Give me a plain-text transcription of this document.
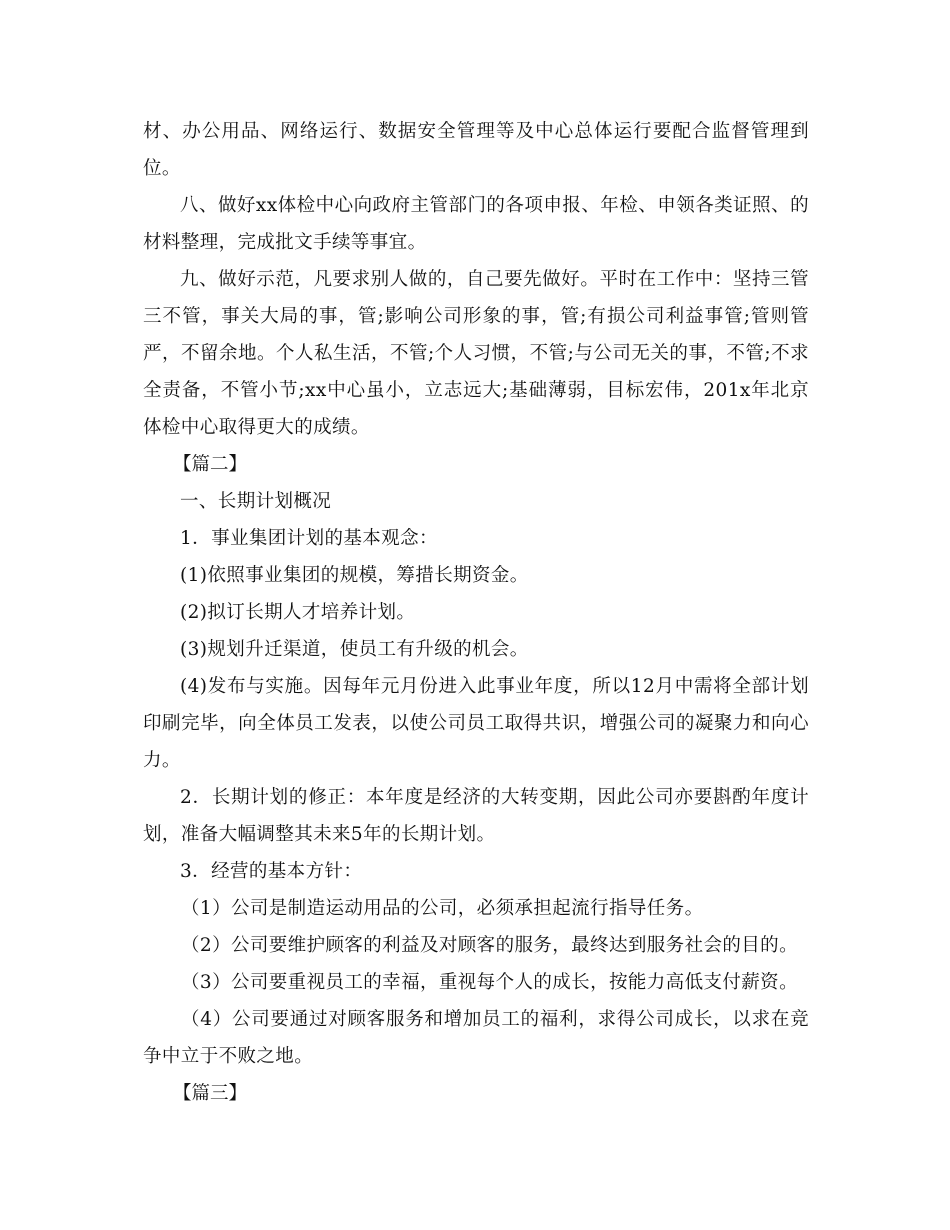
材、办公用品、网络运行、数据安全管理等及中心总体运行要配合监督管理到位。

八、做好xx体检中心向政府主管部门的各项申报、年检、申领各类证照、的材料整理，完成批文手续等事宜。

九、做好示范，凡要求别人做的，自己要先做好。平时在工作中：坚持三管三不管，事关大局的事，管;影响公司形象的事，管;有损公司利益事管;管则管严，不留余地。个人私生活，不管;个人习惯，不管;与公司无关的事，不管;不求全责备，不管小节;xx中心虽小，立志远大;基础薄弱，目标宏伟，201x年北京体检中心取得更大的成绩。

【篇二】

一、长期计划概况

1．事业集团计划的基本观念：

(1)依照事业集团的规模，筹措长期资金。

(2)拟订长期人才培养计划。

(3)规划升迁渠道，使员工有升级的机会。

(4)发布与实施。因每年元月份进入此事业年度，所以12月中需将全部计划印刷完毕，向全体员工发表，以使公司员工取得共识，增强公司的凝聚力和向心力。

2．长期计划的修正：本年度是经济的大转变期，因此公司亦要斟酌年度计划，准备大幅调整其未来5年的长期计划。

3．经营的基本方针：

（1）公司是制造运动用品的公司，必须承担起流行指导任务。

（2）公司要维护顾客的利益及对顾客的服务，最终达到服务社会的目的。

（3）公司要重视员工的幸福，重视每个人的成长，按能力高低支付薪资。

（4）公司要通过对顾客服务和增加员工的福利，求得公司成长，以求在竞争中立于不败之地。

【篇三】
